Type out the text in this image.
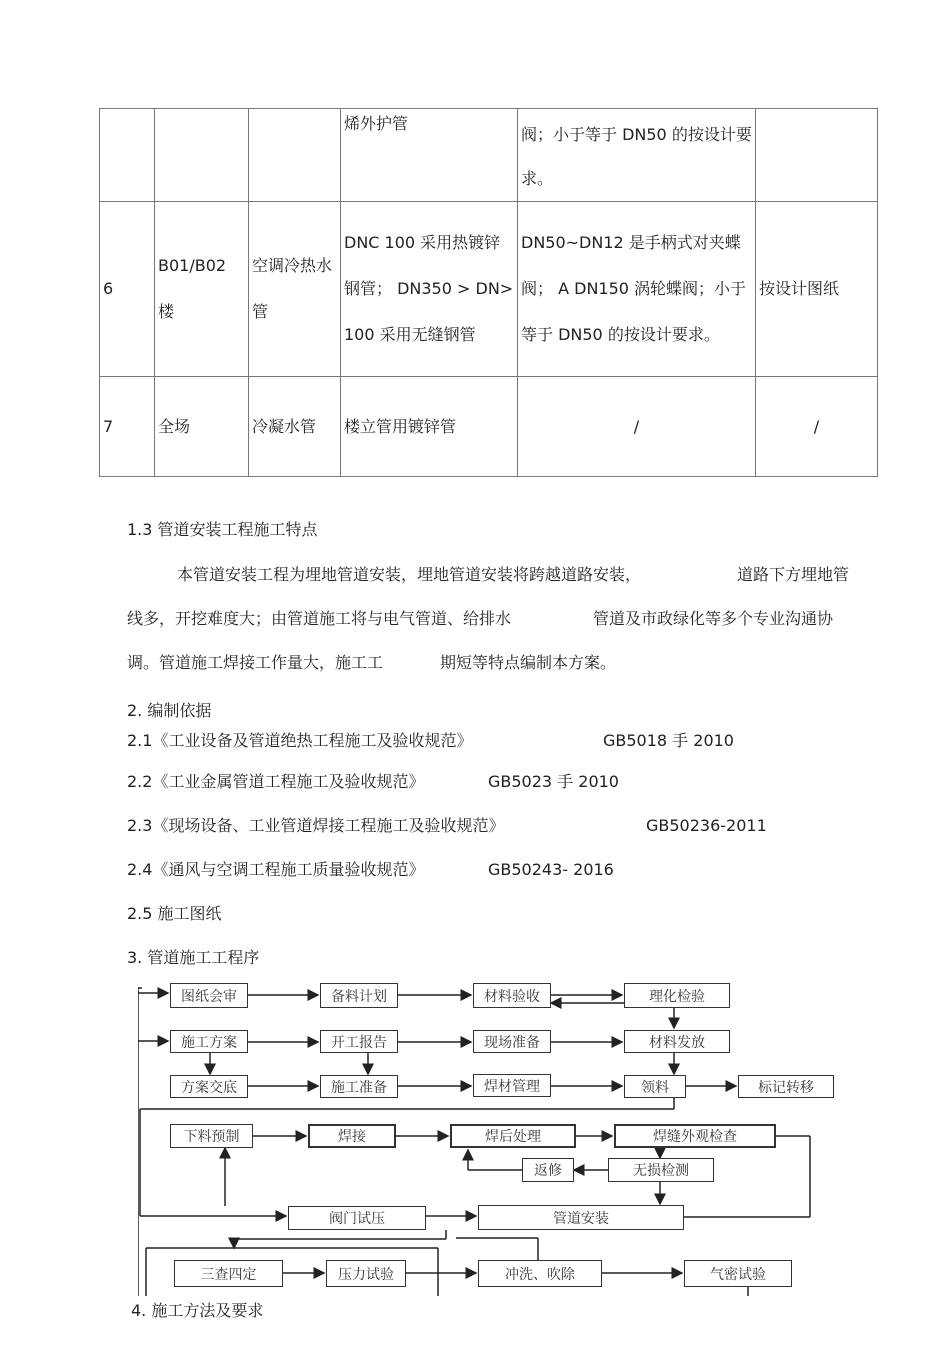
			烯外护管	阀；小于等于 DN50 的按设计要求。	
6	B01/B02 楼	空调冷热水管	DNC 100 采用热镀锌钢管； DN350 > DN> 100 采用无缝钢管	DN50~DN12 是手柄式对夹蝶阀； A DN150 涡轮蝶阀；小于等于 DN50 的按设计要求。	按设计图纸
7	全场	冷凝水管	楼立管用镀锌管	/	/
1.3 管道安装工程施工特点
本管道安装工程为埋地管道安装，埋地管道安装将跨越道路安装，	道路下方埋地管
线多，开挖难度大；由管道施工将与电气管道、给排水	管道及市政绿化等多个专业沟通协
调。管道施工焊接工作量大，施工工	期短等特点编制本方案。
2. 编制依据
2.1《工业设备及管道绝热工程施工及验收规范》	GB5018 手 2010
2.2《工业金属管道工程施工及验收规范》	GB5023 手 2010
2.3《现场设备、工业管道焊接工程施工及验收规范》	GB50236-2011
2.4《通风与空调工程施工质量验收规范》	GB50243- 2016
2.5 施工图纸
3. 管道施工工程序
图纸会审	备料计划	材料验收	理化检验
施工方案	开工报告	现场准备	材料发放
方案交底	施工准备	焊材管理	领料	标记转移
下料预制	焊接	焊后处理	焊缝外观检查
返修	无损检测
阀门试压	管道安装
三查四定	压力试验	冲洗、吹除	气密试验
4. 施工方法及要求
